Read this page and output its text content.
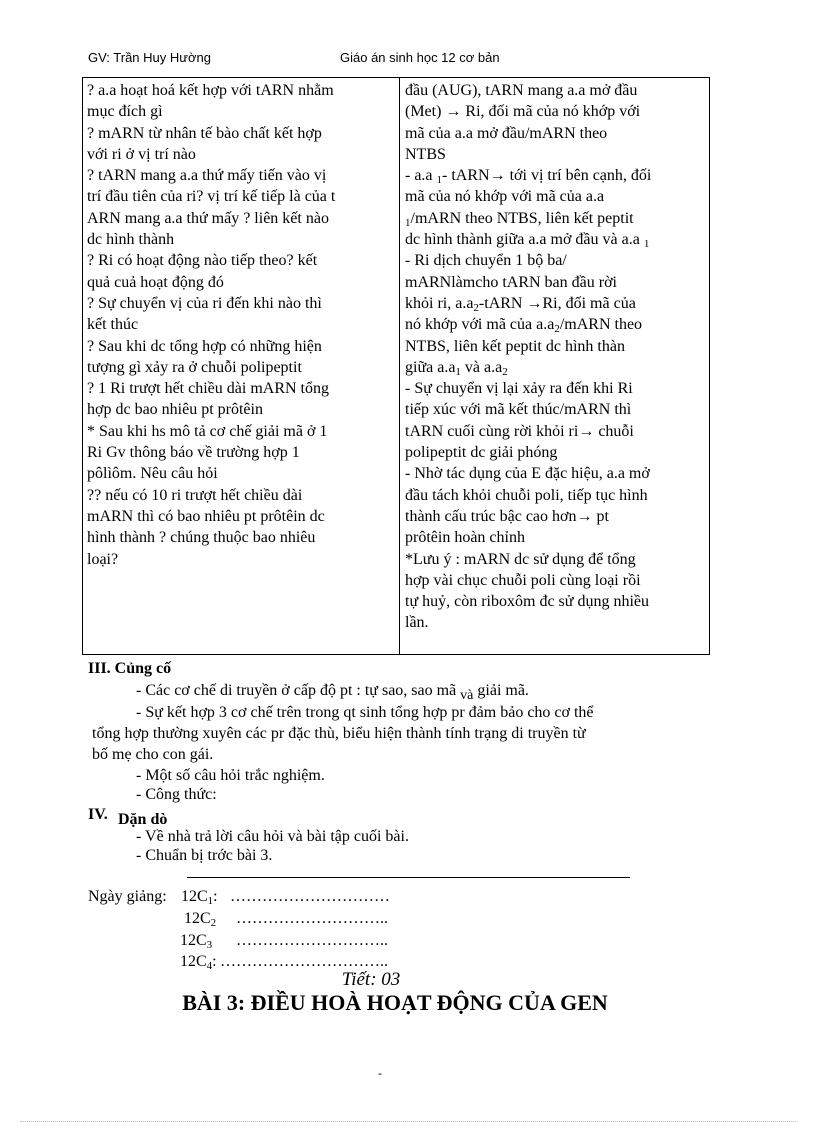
GV: Trần Huy Hường	Giáo án sinh học 12 cơ bản
? a.a hoạt hoá kết hợp với tARN nhằm
mục đích gì
? mARN từ nhân tế bào chất kết hợp
với ri ở vị trí nào
? tARN mang a.a thứ mấy tiến vào vị
trí đầu tiên của ri? vị trí kế tiếp là của t
ARN mang a.a thứ mấy ? liên kết nào
dc hình thành
? Ri có hoạt động nào tiếp theo? kết
quả cuả hoạt động đó
? Sự chuyển vị của ri đến khi nào thì
kết thúc
? Sau khi dc tổng hợp có những hiện
tượng gì xảy ra ở chuỗi polipeptit
? 1 Ri trượt hết chiều dài mARN tổng
hợp dc bao nhiêu pt prôtêin
* Sau khi hs mô tả cơ chế giải mã ở 1
Ri Gv thông báo về trường hợp 1
pôlìôm. Nêu câu hỏi
?? nếu có 10 ri trượt hết chiều dài
mARN thì có bao nhiêu pt prôtêin dc
hình thành ? chúng thuộc bao nhiêu
loại?
đầu (AUG), tARN mang a.a mở đầu
(Met) → Ri, đối mã của nó khớp với
mã của a.a mở đầu/mARN theo
NTBS
- a.a $_1$- tARN→ tới vị trí bên cạnh, đối
mã của nó khớp với mã của a.a
$_1$/mARN theo NTBS, liên kết peptit
dc hình thành giữa a.a mở đầu và a.a $_1$
- Ri dịch chuyển 1 bộ ba/
mARNlàmcho tARN ban đầu rời
khỏi ri, $a.a_2$-tARN →Ri, đối mã của
nó khớp với mã của $a.a_2$/mARN theo
NTBS, liên kết peptit dc hình thàn
giữa $a.a_1$ và $a.a_2$
- Sự chuyển vị lại xảy ra đến khi Ri
tiếp xúc với mã kết thúc/mARN thì
tARN cuối cùng rời khỏi ri→ chuỗi
polipeptit dc giải phóng
- Nhờ tác dụng của E đặc hiệu, a.a mở
đầu tách khỏi chuỗi poli, tiếp tục hình
thành cấu trúc bậc cao hơn→ pt
prôtêin hoàn chỉnh
*Lưu ý : mARN dc sử dụng để tổng
hợp vài chục chuỗi poli cùng loại rồi
tự huỷ, còn riboxôm đc sử dụng nhiều
lần.
III. Củng cố
- Các cơ chế di truyền ở cấp độ pt : tự sao, sao mã $_{và}$ giải mã.
- Sự kết hợp 3 cơ chế trên trong qt sinh tổng hợp pr đảm bảo cho cơ thể
tổng hợp thường xuyên các pr đặc thù, biểu hiện thành tính trạng di truyền từ
bố mẹ cho con gái.
- Một số câu hỏi trắc nghiệm.
- Công thức:
IV. Dặn dò
- Về nhà trả lời câu hỏi và bài tập cuối bài.
- Chuẩn bị trớc bài 3.
Ngày giảng: $12C_1$: …………………………
$12C_2$ ………………………..
$12C_3$ ………………………..
$12C_4$: …………………………..
Tiết: 03
BÀI 3: ĐIỀU HOÀ HOẠT ĐỘNG CỦA GEN
-
